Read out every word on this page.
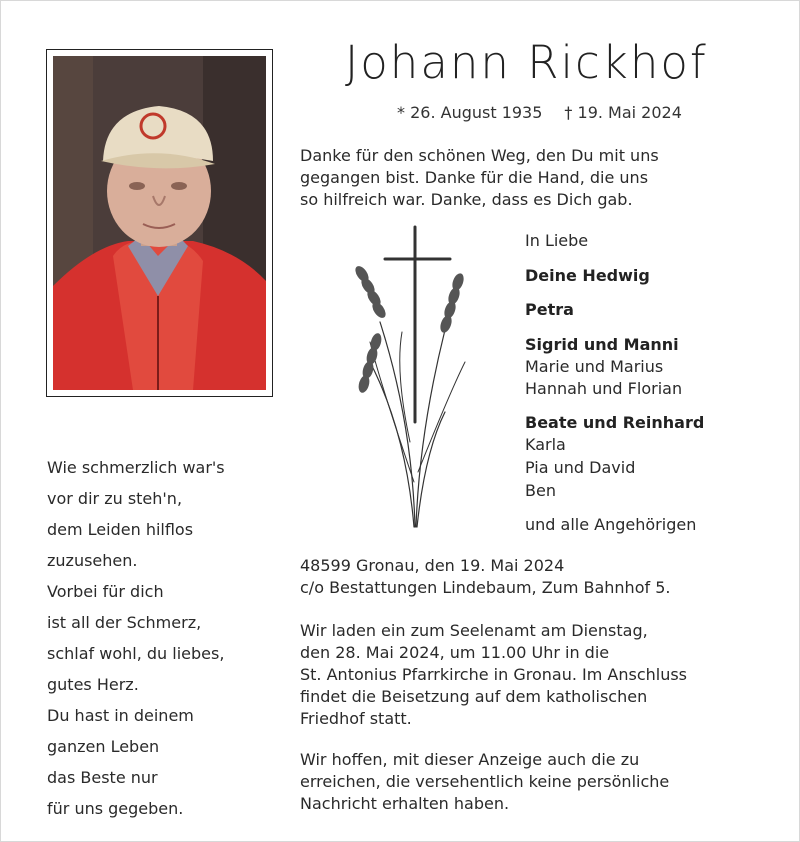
Johann Rickhof
* 26. August 1935 † 19. Mai 2024
Danke für den schönen Weg, den Du mit uns
gegangen bist. Danke für die Hand, die uns
so hilfreich war. Danke, dass es Dich gab.
In Liebe
Deine Hedwig
Petra
Sigrid und Manni
Marie und Marius
Hannah und Florian
Beate und Reinhard
Karla
Pia und David
Ben
und alle Angehörigen
Wie schmerzlich war's
vor dir zu steh'n,
dem Leiden hilflos
zuzusehen.
Vorbei für dich
ist all der Schmerz,
schlaf wohl, du liebes,
gutes Herz.
Du hast in deinem
ganzen Leben
das Beste nur
für uns gegeben.
48599 Gronau, den 19. Mai 2024
c/o Bestattungen Lindebaum, Zum Bahnhof 5.
Wir laden ein zum Seelenamt am Dienstag,
den 28. Mai 2024, um 11.00 Uhr in die
St. Antonius Pfarrkirche in Gronau. Im Anschluss
findet die Beisetzung auf dem katholischen
Friedhof statt.
Wir hoffen, mit dieser Anzeige auch die zu
erreichen, die versehentlich keine persönliche
Nachricht erhalten haben.
